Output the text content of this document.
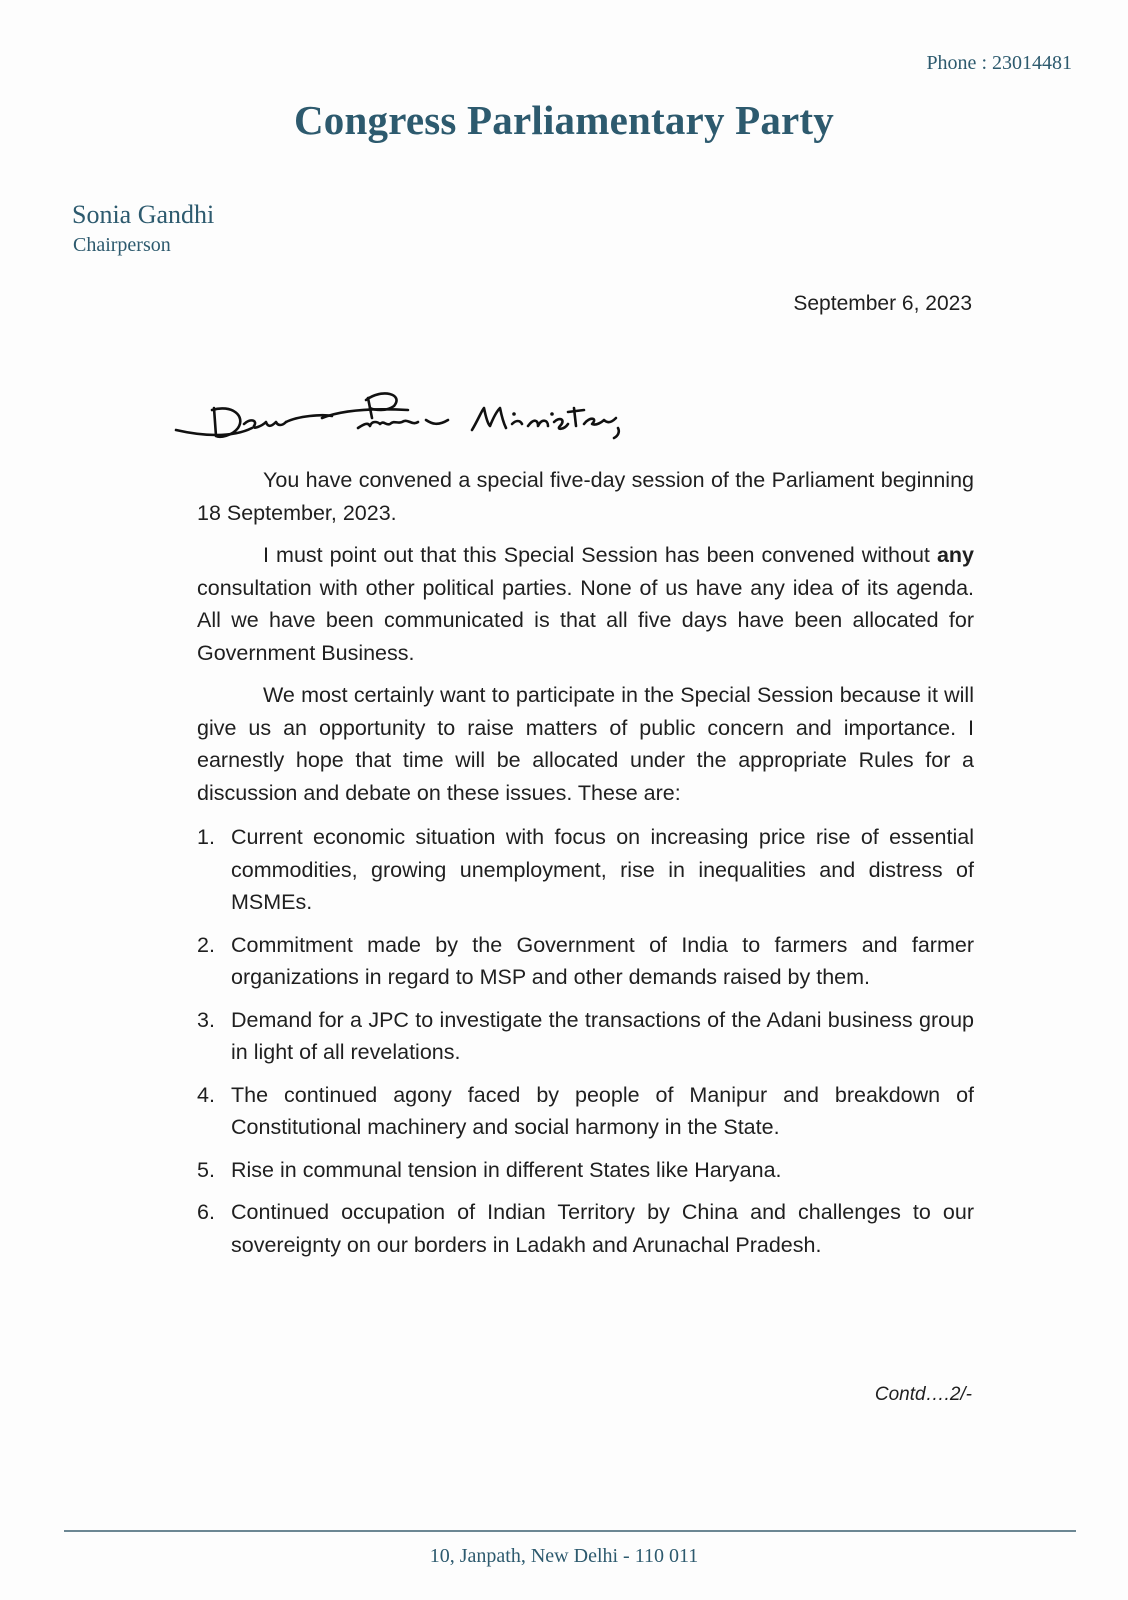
Phone : 23014481
Congress Parliamentary Party
Sonia Gandhi
Chairperson
September 6, 2023

You have convened a special five-day session of the Parliament beginning 18 September, 2023.

I must point out that this Special Session has been convened without any consultation with other political parties. None of us have any idea of its agenda. All we have been communicated is that all five days have been allocated for Government Business.

We most certainly want to participate in the Special Session because it will give us an opportunity to raise matters of public concern and importance. I earnestly hope that time will be allocated under the appropriate Rules for a discussion and debate on these issues. These are:

1. Current economic situation with focus on increasing price rise of essential commodities, growing unemployment, rise in inequalities and distress of MSMEs.
2. Commitment made by the Government of India to farmers and farmer organizations in regard to MSP and other demands raised by them.
3. Demand for a JPC to investigate the transactions of the Adani business group in light of all revelations.
4. The continued agony faced by people of Manipur and breakdown of Constitutional machinery and social harmony in the State.
5. Rise in communal tension in different States like Haryana.
6. Continued occupation of Indian Territory by China and challenges to our sovereignty on our borders in Ladakh and Arunachal Pradesh.
Contd….2/-
10, Janpath, New Delhi - 110 011
